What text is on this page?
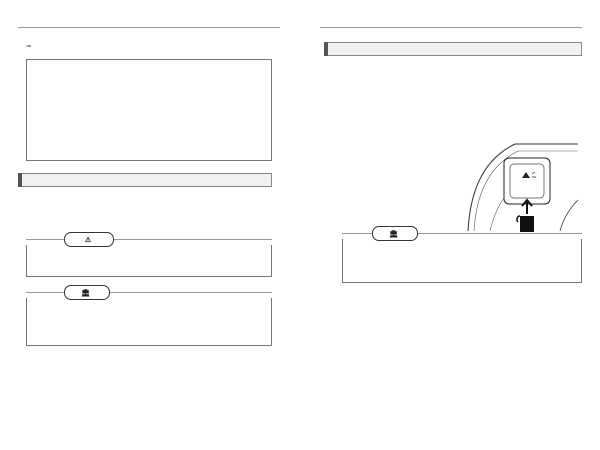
⇒
⚠
🏛
🏛
